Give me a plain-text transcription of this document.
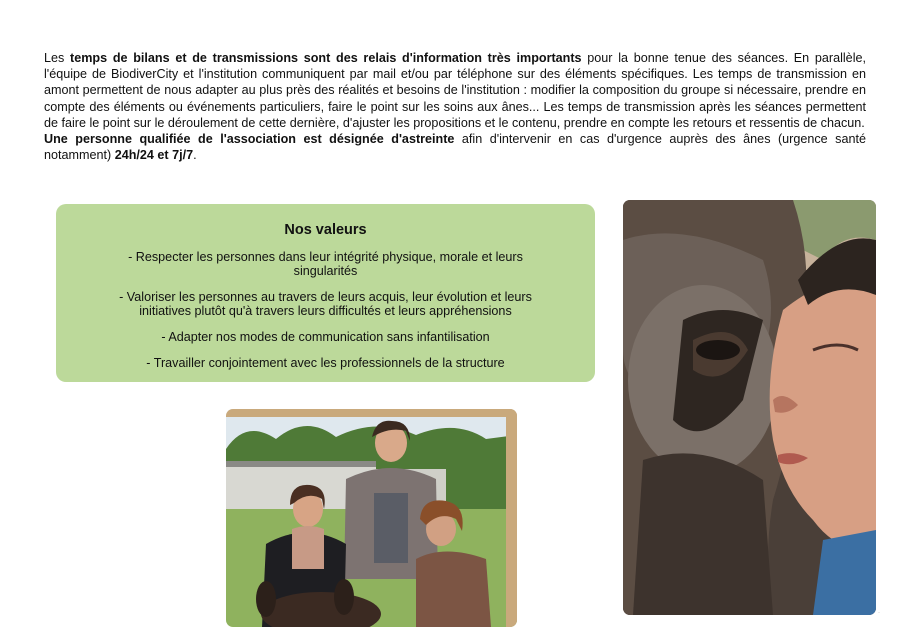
Les temps de bilans et de transmissions sont des relais d'information très importants pour la bonne tenue des séances. En parallèle, l'équipe de BiodiverCity et l'institution communiquent par mail et/ou par téléphone sur des éléments spécifiques. Les temps de transmission en amont permettent de nous adapter au plus près des réalités et besoins de l'institution : modifier la composition du groupe si nécessaire, prendre en compte des éléments ou événements particuliers, faire le point sur les soins aux ânes... Les temps de transmission après les séances permettent de faire le point sur le déroulement de cette dernière, d'ajuster les propositions et le contenu, prendre en compte les retours et ressentis de chacun.
Une personne qualifiée de l'association est désignée d'astreinte afin d'intervenir en cas d'urgence auprès des ânes (urgence santé notamment) 24h/24 et 7j/7.

Nos valeurs
- Respecter les personnes dans leur intégrité physique, morale et leurs singularités
- Valoriser les personnes au travers de leurs acquis, leur évolution et leurs initiatives plutôt qu'à travers leurs difficultés et leurs appréhensions
- Adapter nos modes de communication sans infantilisation
- Travailler conjointement avec les professionnels de la structure
·
